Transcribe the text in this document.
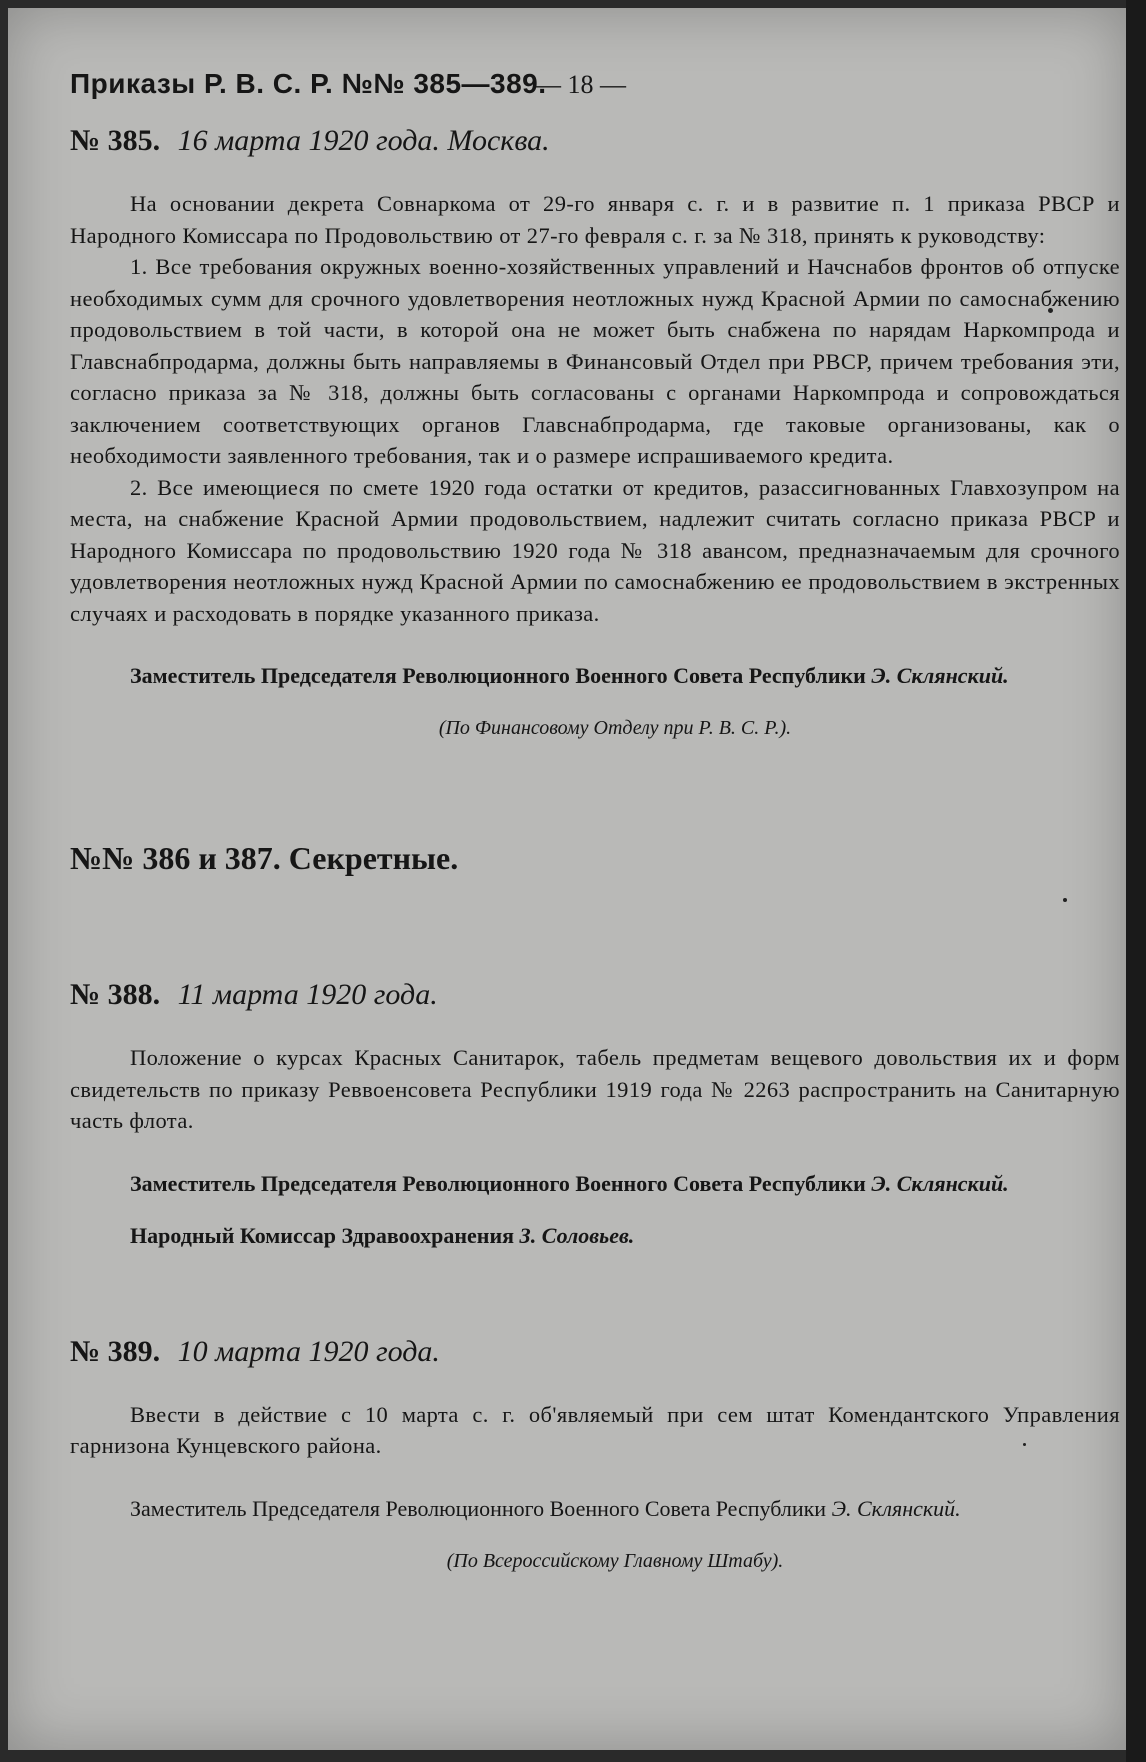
Приказы Р. В. С. Р. №№ 385—389.
— 18 —
№ 385. 16 марта 1920 года. Москва.

На основании декрета Совнаркома от 29-го января с. г. и в развитие п. 1 приказа РВСР и Народного Комиссара по Продовольствию от 27-го февраля с. г. за № 318, принять к руководству:

1. Все требования окружных военно-хозяйственных управлений и Начснабов фронтов об отпуске необходимых сумм для срочного удовлетворения неотложных нужд Красной Армии по самоснабжению продовольствием в той части, в которой она не может быть снабжена по нарядам Наркомпрода и Главснабпродарма, должны быть направляемы в Финансовый Отдел при РВСР, причем требования эти, согласно приказа за № 318, должны быть согласованы с органами Наркомпрода и сопровождаться заключением соответствующих органов Главснабпродарма, где таковые организованы, как о необходимости заявленного требования, так и о размере испрашиваемого кредита.

2. Все имеющиеся по смете 1920 года остатки от кредитов, разассигнованных Главхозупром на места, на снабжение Красной Армии продовольствием, надлежит считать согласно приказа РВСР и Народного Комиссара по продовольствию 1920 года № 318 авансом, предназначаемым для срочного удовлетворения неотложных нужд Красной Армии по самоснабжению ее продовольствием в экстренных случаях и расходовать в порядке указанного приказа.

Заместитель Председателя Революционного Военного Совета Республики Э. Склянский.

(По Финансовому Отделу при Р. В. С. Р.).

№№ 386 и 387. Секретные.
№ 388. 11 марта 1920 года.

Положение о курсах Красных Санитарок, табель предметам вещевого довольствия их и форм свидетельств по приказу Реввоенсовета Республики 1919 года № 2263 распространить на Санитарную часть флота.

Заместитель Председателя Революционного Военного Совета Республики Э. Склянский.

Народный Комиссар Здравоохранения З. Соловьев.

№ 389. 10 марта 1920 года.

Ввести в действие с 10 марта с. г. об'являемый при сем штат Комендантского Управления гарнизона Кунцевского района.

Заместитель Председателя Революционного Военного Совета Республики Э. Склянский.

(По Всероссийскому Главному Штабу).
